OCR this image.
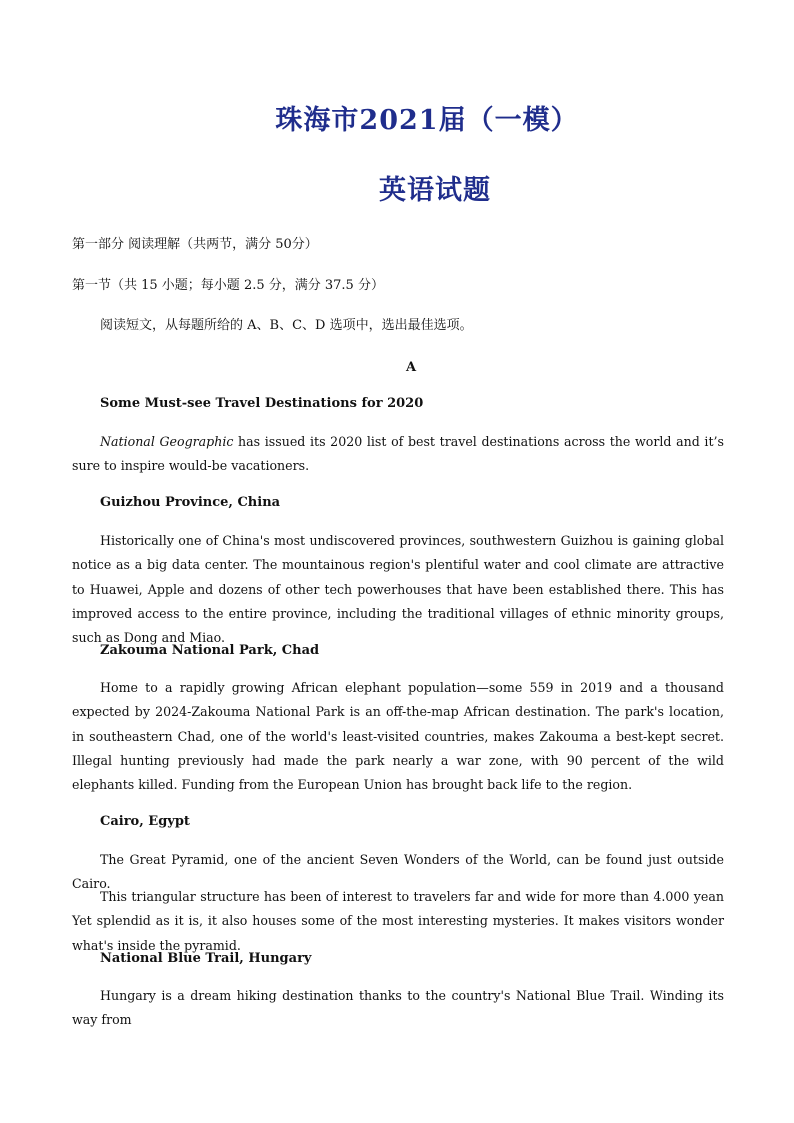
珠海市2021届（一模）
英语试题
第一部分 阅读理解（共两节，满分 50分）
第一节（共 15 小题；每小题 2.5 分，满分 37.5 分）
阅读短文，从每题所给的 A、B、C、D 选项中，选出最佳选项。
A
Some Must-see Travel Destinations for 2020
National Geographic has issued its 2020 list of best travel destinations across the world and it’s sure to inspire would-be vacationers.
Guizhou Province, China
Historically one of China's most undiscovered provinces, southwestern Guizhou is gaining global notice as a big data center. The mountainous region's plentiful water and cool climate are attractive to Huawei, Apple and dozens of other tech powerhouses that have been established there. This has improved access to the entire province, including the traditional villages of ethnic minority groups, such as Dong and Miao.
Zakouma National Park, Chad
Home to a rapidly growing African elephant population—some 559 in 2019 and a thousand expected by 2024-Zakouma National Park is an off-the-map African destination. The park's location, in southeastern Chad, one of the world's least-visited countries, makes Zakouma a best-kept secret. Illegal hunting previously had made the park nearly a war zone, with 90 percent of the wild elephants killed. Funding from the European Union has brought back life to the region.
Cairo, Egypt
The Great Pyramid, one of the ancient Seven Wonders of the World, can be found just outside Cairo.
This triangular structure has been of interest to travelers far and wide for more than 4.000 yean Yet splendid as it is, it also houses some of the most interesting mysteries. It makes visitors wonder what's inside the pyramid.
National Blue Trail, Hungary
Hungary is a dream hiking destination thanks to the country's National Blue Trail. Winding its way from
